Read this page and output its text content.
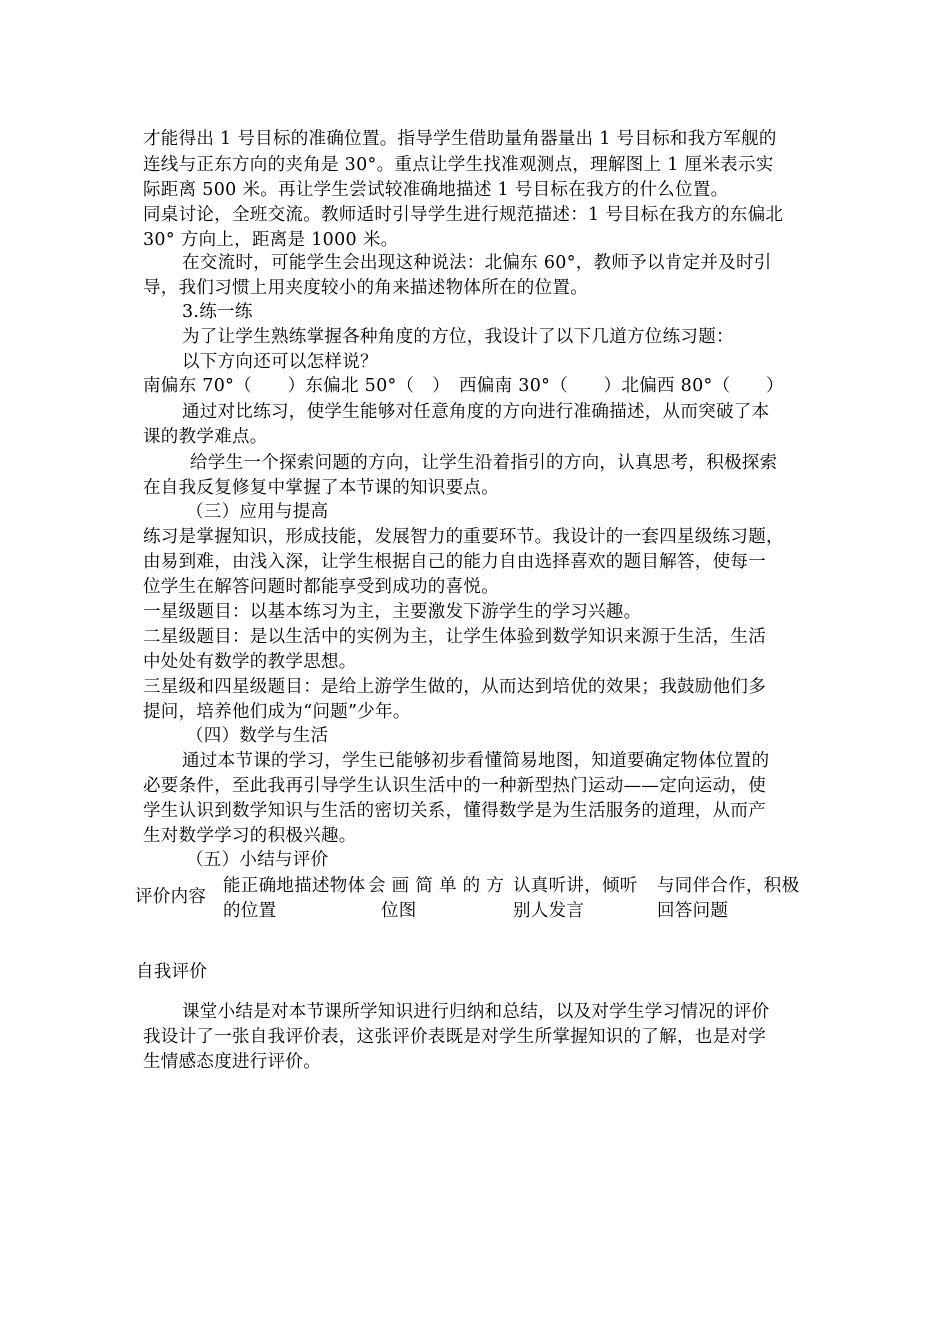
才能得出 1 号目标的准确位置。指导学生借助量角器量出 1 号目标和我方军舰的

连线与正东方向的夹角是 30°。重点让学生找准观测点，理解图上 1 厘米表示实

际距离 500 米。再让学生尝试较准确地描述 1 号目标在我方的什么位置。

同桌讨论，全班交流。教师适时引导学生进行规范描述：1 号目标在我方的东偏北

30° 方向上，距离是 1000 米。

在交流时，可能学生会出现这种说法：北偏东 60°，教师予以肯定并及时引

导，我们习惯上用夹度较小的角来描述物体所在的位置。

3.练一练

为了让学生熟练掌握各种角度的方位，我设计了以下几道方位练习题：

以下方向还可以怎样说？

南偏东 70°（　　）东偏北 50°（　）　西偏南 30°（　　）北偏西 80°（　　）

通过对比练习，使学生能够对任意角度的方向进行准确描述，从而突破了本

课的教学难点。

给学生一个探索问题的方向，让学生沿着指引的方向，认真思考，积极探索

在自我反复修复中掌握了本节课的知识要点。

（三）应用与提高

练习是掌握知识，形成技能，发展智力的重要环节。我设计的一套四星级练习题，

由易到难，由浅入深，让学生根据自己的能力自由选择喜欢的题目解答，使每一

位学生在解答问题时都能享受到成功的喜悦。

一星级题目：以基本练习为主，主要激发下游学生的学习兴趣。

二星级题目：是以生活中的实例为主，让学生体验到数学知识来源于生活，生活

中处处有数学的教学思想。

三星级和四星级题目：是给上游学生做的，从而达到培优的效果；我鼓励他们多

提问，培养他们成为“问题”少年。

（四）数学与生活

通过本节课的学习，学生已能够初步看懂简易地图，知道要确定物体位置的

必要条件，至此我再引导学生认识生活中的一种新型热门运动——定向运动，使

学生认识到数学知识与生活的密切关系，懂得数学是为生活服务的道理，从而产

生对数学学习的积极兴趣。

（五）小结与评价

评价内容
能正确地描述物体
的位置
会 画 简 单 的 方
位图
认真听讲，倾听
别人发言
与同伴合作，积极
回答问题

自我评价

课堂小结是对本节课所学知识进行归纳和总结，以及对学生学习情况的评价

我设计了一张自我评价表，这张评价表既是对学生所掌握知识的了解，也是对学

生情感态度进行评价。
